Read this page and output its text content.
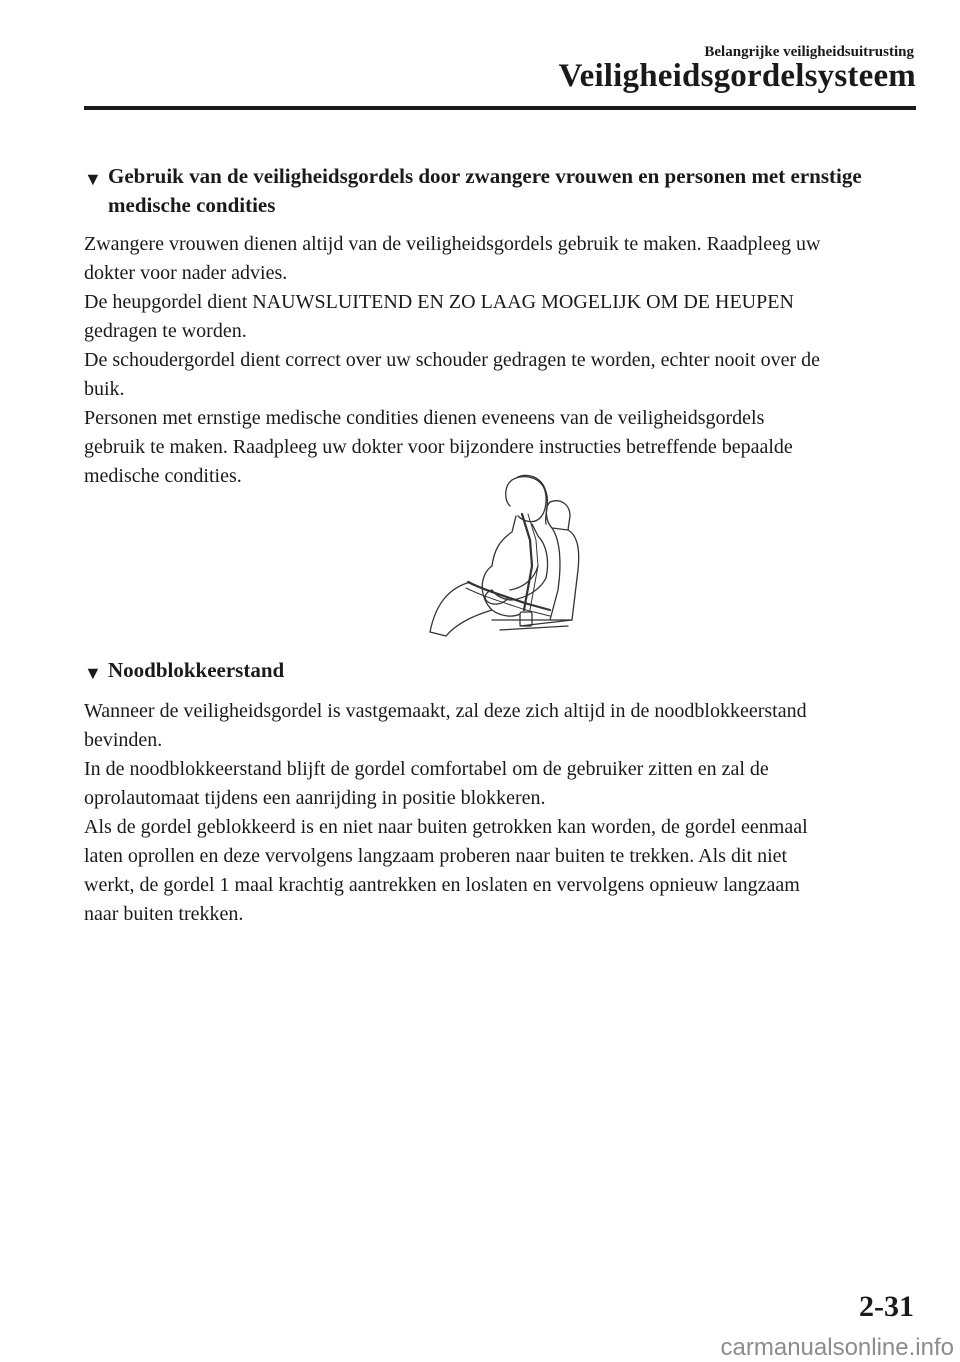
Belangrijke veiligheidsuitrusting
Veiligheidsgordelsysteem

▼ Gebruik van de veiligheidsgordels door zwangere vrouwen en personen met ernstige medische condities

Zwangere vrouwen dienen altijd van de veiligheidsgordels gebruik te maken. Raadpleeg uw

dokter voor nader advies.

De heupgordel dient NAUWSLUITEND EN ZO LAAG MOGELIJK OM DE HEUPEN

gedragen te worden.

De schoudergordel dient correct over uw schouder gedragen te worden, echter nooit over de

buik.

Personen met ernstige medische condities dienen eveneens van de veiligheidsgordels

gebruik te maken. Raadpleeg uw dokter voor bijzondere instructies betreffende bepaalde

medische condities.

▼ Noodblokkeerstand

Wanneer de veiligheidsgordel is vastgemaakt, zal deze zich altijd in de noodblokkeerstand

bevinden.

In de noodblokkeerstand blijft de gordel comfortabel om de gebruiker zitten en zal de

oprolautomaat tijdens een aanrijding in positie blokkeren.

Als de gordel geblokkeerd is en niet naar buiten getrokken kan worden, de gordel eenmaal

laten oprollen en deze vervolgens langzaam proberen naar buiten te trekken. Als dit niet

werkt, de gordel 1 maal krachtig aantrekken en loslaten en vervolgens opnieuw langzaam

naar buiten trekken.

2-31
carmanualsonline.info
